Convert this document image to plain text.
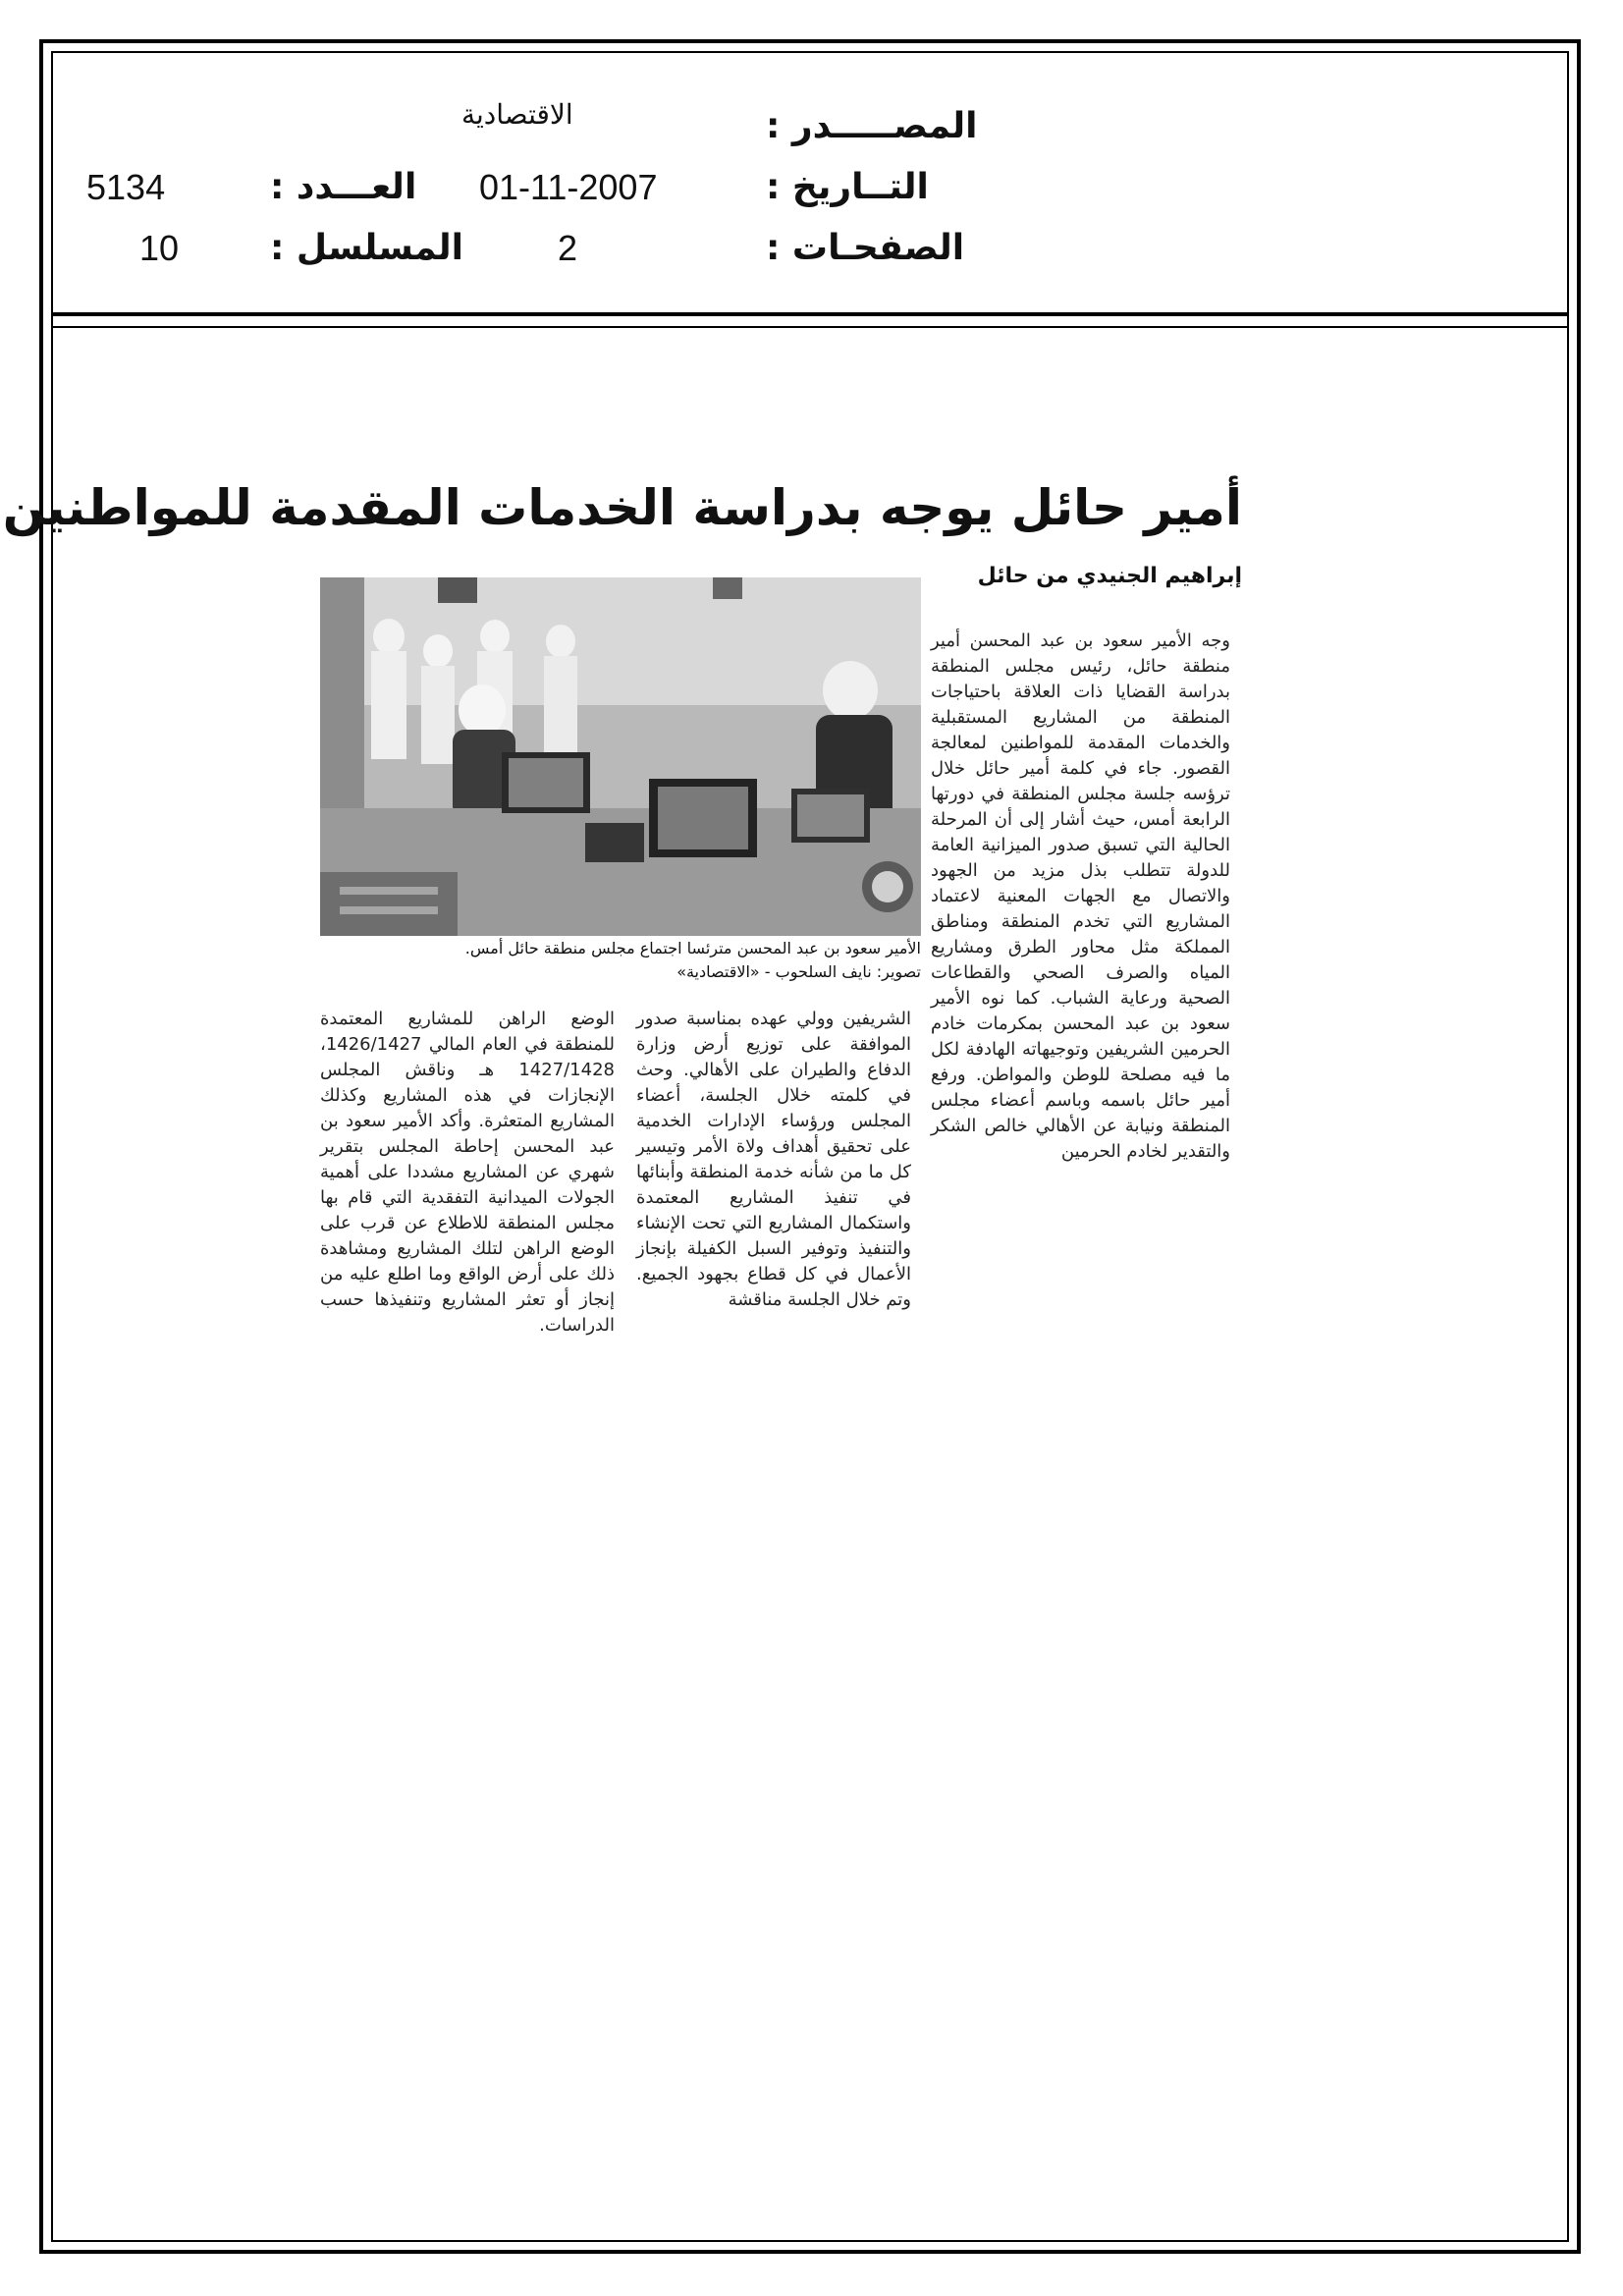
المصـــــدر :
الاقتصادية
التــاريخ :
01-11-2007
العـــدد :
5134
الصفحـات :
2
المسلسل :
10
أمير حائل يوجه بدراسة الخدمات المقدمة للمواطنين
إبراهيم الجنيدي من حائل
الأمير سعود بن عبد المحسن مترئسا اجتماع مجلس منطقة حائل أمس.
تصوير: نايف السلحوب - «الاقتصادية»

وجه الأمير سعود بن عبد المحسن أمير منطقة حائل، رئيس مجلس المنطقة بدراسة القضايا ذات العلاقة باحتياجات المنطقة من المشاريع المستقبلية والخدمات المقدمة للمواطنين لمعالجة القصور. جاء في كلمة أمير حائل خلال ترؤسه جلسة مجلس المنطقة في دورتها الرابعة أمس، حيث أشار إلى أن المرحلة الحالية التي تسبق صدور الميزانية العامة للدولة تتطلب بذل مزيد من الجهود والاتصال مع الجهات المعنية لاعتماد المشاريع التي تخدم المنطقة ومناطق المملكة مثل محاور الطرق ومشاريع المياه والصرف الصحي والقطاعات الصحية ورعاية الشباب. كما نوه الأمير سعود بن عبد المحسن بمكرمات خادم الحرمين الشريفين وتوجيهاته الهادفة لكل ما فيه مصلحة للوطن والمواطن. ورفع أمير حائل باسمه وباسم أعضاء مجلس المنطقة ونيابة عن الأهالي خالص الشكر والتقدير لخادم الحرمين

الشريفين وولي عهده بمناسبة صدور الموافقة على توزيع أرض وزارة الدفاع والطيران على الأهالي. وحث في كلمته خلال الجلسة، أعضاء المجلس ورؤساء الإدارات الخدمية على تحقيق أهداف ولاة الأمر وتيسير كل ما من شأنه خدمة المنطقة وأبنائها في تنفيذ المشاريع المعتمدة واستكمال المشاريع التي تحت الإنشاء والتنفيذ وتوفير السبل الكفيلة بإنجاز الأعمال في كل قطاع بجهود الجميع. وتم خلال الجلسة مناقشة

الوضع الراهن للمشاريع المعتمدة للمنطقة في العام المالي 1426/1427، 1427/1428 هـ وناقش المجلس الإنجازات في هذه المشاريع وكذلك المشاريع المتعثرة. وأكد الأمير سعود بن عبد المحسن إحاطة المجلس بتقرير شهري عن المشاريع مشددا على أهمية الجولات الميدانية التفقدية التي قام بها مجلس المنطقة للاطلاع عن قرب على الوضع الراهن لتلك المشاريع ومشاهدة ذلك على أرض الواقع وما اطلع عليه من إنجاز أو تعثر المشاريع وتنفيذها حسب الدراسات.
